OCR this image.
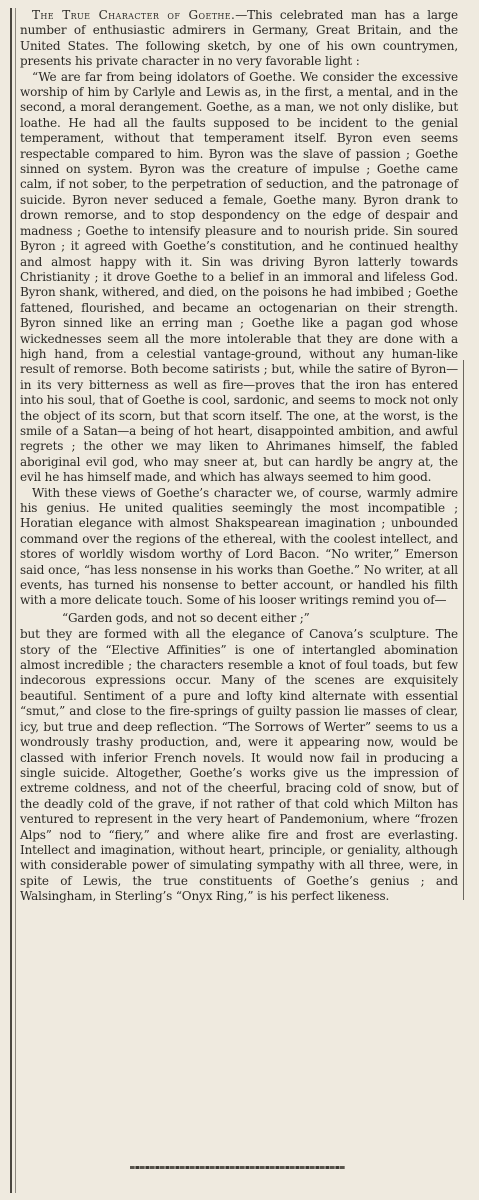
The True Character of Goethe.—This celebrated man has a large number of enthusiastic admirers in Germany, Great Britain, and the United States. The following sketch, by one of his own countrymen, presents his private character in no very favorable light :

“We are far from being idolators of Goethe. We consider the excessive worship of him by Carlyle and Lewis as, in the first, a mental, and in the second, a moral derangement. Goethe, as a man, we not only dislike, but loathe. He had all the faults supposed to be incident to the genial temperament, without that temperament itself. Byron even seems respectable compared to him. Byron was the slave of passion ; Goethe sinned on system. Byron was the creature of impulse ; Goethe came calm, if not sober, to the perpetration of seduction, and the patronage of suicide. Byron never seduced a female, Goethe many. Byron drank to drown remorse, and to stop despondency on the edge of despair and madness ; Goethe to intensify pleasure and to nourish pride. Sin soured Byron ; it agreed with Goethe’s constitution, and he continued healthy and almost happy with it. Sin was driving Byron latterly towards Christianity ; it drove Goethe to a belief in an immoral and lifeless God. Byron shank, withered, and died, on the poisons he had imbibed ; Goethe fattened, flourished, and became an octogenarian on their strength. Byron sinned like an erring man ; Goethe like a pagan god whose wickednesses seem all the more intolerable that they are done with a high hand, from a celestial vantage-ground, without any human-like result of remorse. Both become satirists ; but, while the satire of Byron—in its very bitterness as well as fire—proves that the iron has entered into his soul, that of Goethe is cool, sardonic, and seems to mock not only the object of its scorn, but that scorn itself. The one, at the worst, is the smile of a Satan—a being of hot heart, disappointed ambition, and awful regrets ; the other we may liken to Ahrimanes himself, the fabled aboriginal evil god, who may sneer at, but can hardly be angry at, the evil he has himself made, and which has always seemed to him good.

With these views of Goethe’s character we, of course, warmly admire his genius. He united qualities seemingly the most incompatible ; Horatian elegance with almost Shakspearean imagination ; unbounded command over the regions of the ethereal, with the coolest intellect, and stores of worldly wisdom worthy of Lord Bacon. “No writer,” Emerson said once, “has less nonsense in his works than Goethe.” No writer, at all events, has turned his nonsense to better account, or handled his filth with a more delicate touch. Some of his looser writings remind you of—

“Garden gods, and not so decent either ;”

but they are formed with all the elegance of Canova’s sculpture. The story of the “Elective Affinities” is one of intertangled abomination almost incredible ; the characters resemble a knot of foul toads, but few indecorous expressions occur. Many of the scenes are exquisitely beautiful. Sentiment of a pure and lofty kind alternate with essential “smut,” and close to the fire-springs of guilty passion lie masses of clear, icy, but true and deep reflection. “The Sorrows of Werter” seems to us a wondrously trashy production, and, were it appearing now, would be classed with inferior French novels. It would now fail in producing a single suicide. Altogether, Goethe’s works give us the impression of extreme coldness, and not of the cheerful, bracing cold of snow, but of the deadly cold of the grave, if not rather of that cold which Milton has ventured to represent in the very heart of Pandemonium, where “frozen Alps” nod to “fiery,” and where alike fire and frost are everlasting. Intellect and imagination, without heart, principle, or geniality, although with considerable power of simulating sympathy with all three, were, in spite of Lewis, the true constituents of Goethe’s genius ; and Walsingham, in Sterling’s “Onyx Ring,” is his perfect likeness.
